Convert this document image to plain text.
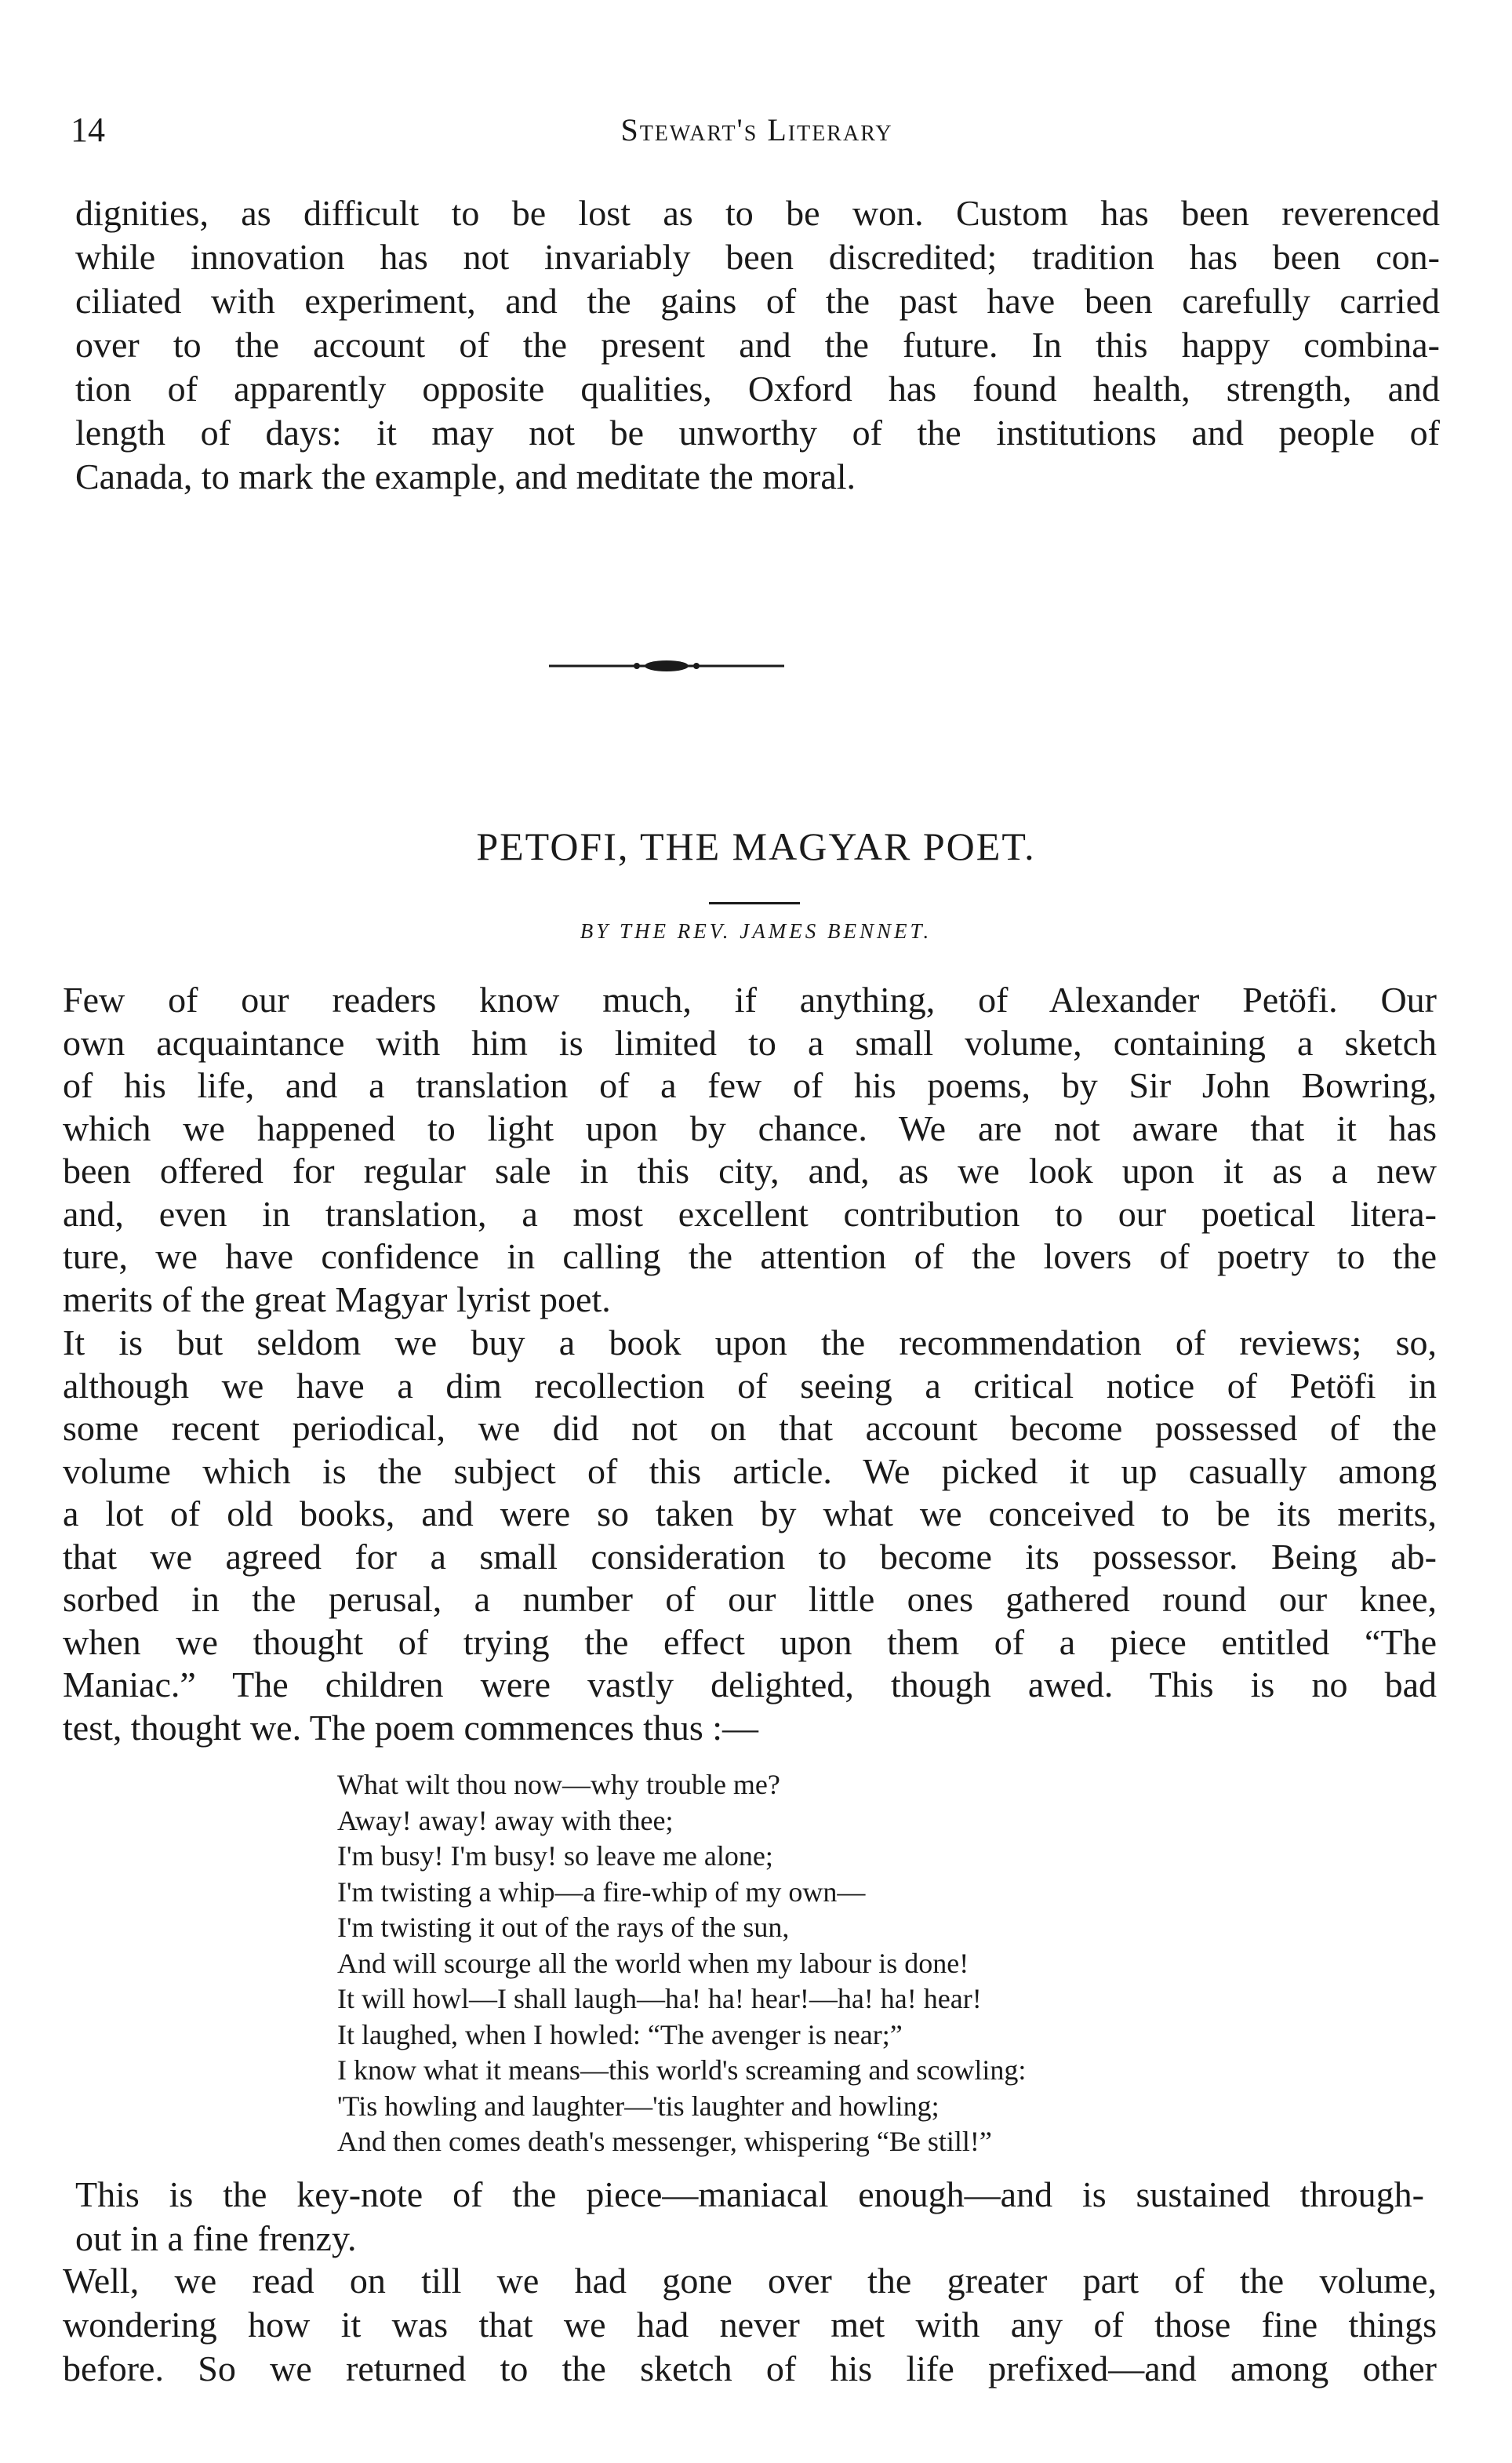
14	Stewart's Literary
dignities, as difficult to be lost as to be won. Custom has been reverenced
while innovation has not invariably been discredited; tradition has been con-
ciliated with experiment, and the gains of the past have been carefully carried
over to the account of the present and the future. In this happy combina-
tion of apparently opposite qualities, Oxford has found health, strength, and
length of days: it may not be unworthy of the institutions and people of
Canada, to mark the example, and meditate the moral.
PETOFI, THE MAGYAR POET.
BY THE REV. JAMES BENNET.
Few of our readers know much, if anything, of Alexander Petöfi. Our
own acquaintance with him is limited to a small volume, containing a sketch
of his life, and a translation of a few of his poems, by Sir John Bowring,
which we happened to light upon by chance. We are not aware that it has
been offered for regular sale in this city, and, as we look upon it as a new
and, even in translation, a most excellent contribution to our poetical litera-
ture, we have confidence in calling the attention of the lovers of poetry to the
merits of the great Magyar lyrist poet.
It is but seldom we buy a book upon the recommendation of reviews; so,
although we have a dim recollection of seeing a critical notice of Petöfi in
some recent periodical, we did not on that account become possessed of the
volume which is the subject of this article. We picked it up casually among
a lot of old books, and were so taken by what we conceived to be its merits,
that we agreed for a small consideration to become its possessor. Being ab-
sorbed in the perusal, a number of our little ones gathered round our knee,
when we thought of trying the effect upon them of a piece entitled “The
Maniac.” The children were vastly delighted, though awed. This is no bad
test, thought we. The poem commences thus :—
What wilt thou now—why trouble me?
Away! away! away with thee;
I'm busy! I'm busy! so leave me alone;
I'm twisting a whip—a fire-whip of my own—
I'm twisting it out of the rays of the sun,
And will scourge all the world when my labour is done!
It will howl—I shall laugh—ha! ha! hear!—ha! ha! hear!
It laughed, when I howled: “The avenger is near;”
I know what it means—this world's screaming and scowling:
'Tis howling and laughter—'tis laughter and howling;
And then comes death's messenger, whispering “Be still!”
This is the key-note of the piece—maniacal enough—and is sustained through-
out in a fine frenzy.
Well, we read on till we had gone over the greater part of the volume,
wondering how it was that we had never met with any of those fine things
before. So we returned to the sketch of his life prefixed—and among other
